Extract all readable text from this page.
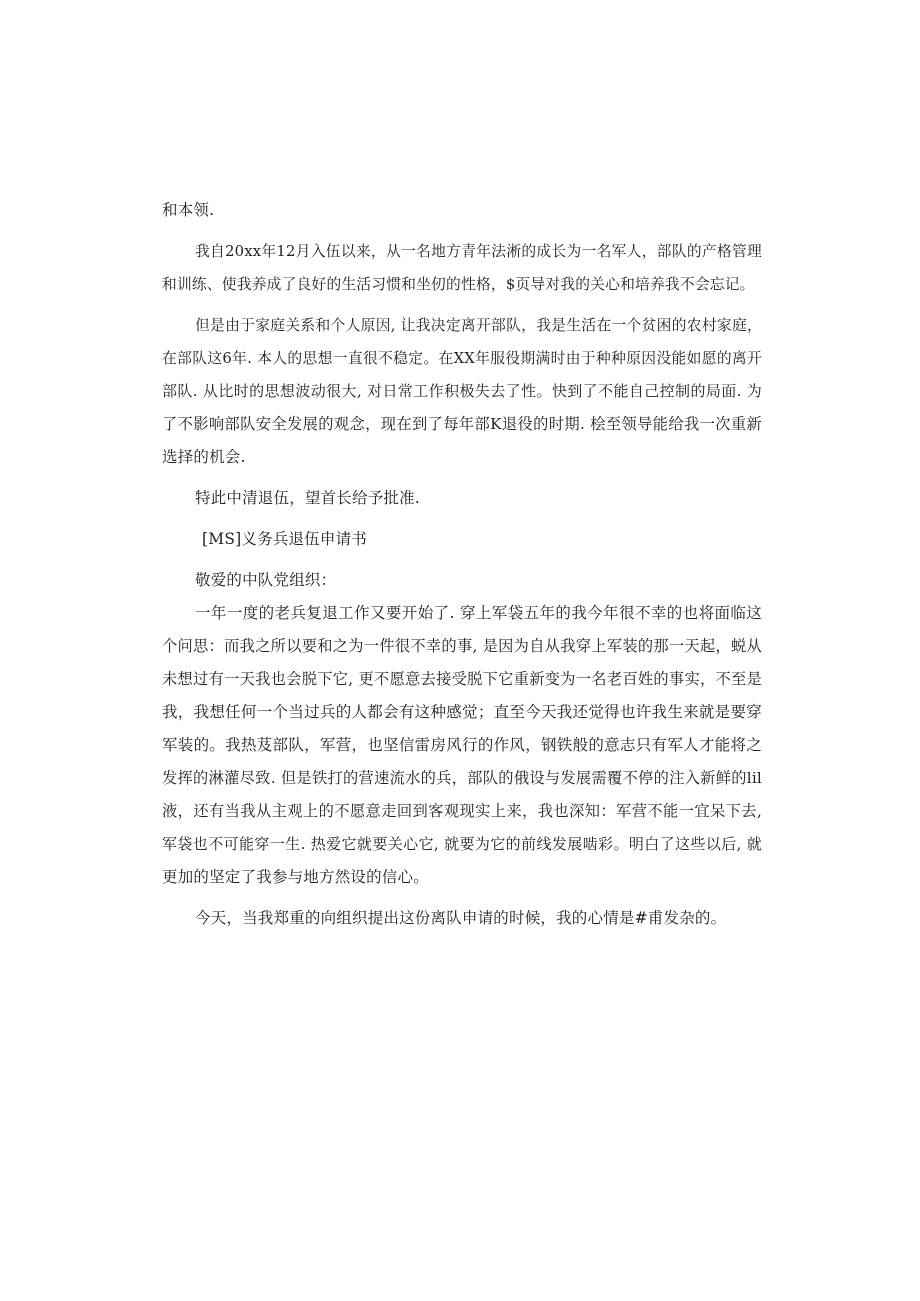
和本领.
我自20xx年12月入伍以来，从一名地方青年法淅的成长为一名军人，部队的产格管理
和训练、使我养成了良好的生活习惯和坐仞的性格，$页导对我的关心和培养我不会忘记。
但是由于家庭关系和个人原因, 让我决定离开部队，我是生活在一个贫困的农村家庭，
在部队这6年. 本人的思想一直很不稳定。在XX年服役期满时由于种种原因没能如愿的离开
部队. 从比时的思想波动很大, 对日常工作积极失去了性。快到了不能自己控制的局面. 为
了不影响部队安全发展的观念，现在到了每年部K退役的时期. 桧至领导能给我一次重新
选择的机会.
特此中清退伍，望首长给予批准.
[MS]义务兵退伍申请书
敬爱的中队党组织：
一年一度的老兵复退工作又要开始了. 穿上军袋五年的我今年很不幸的也将面临这
个问思：而我之所以要和之为一件很不幸的事, 是因为自从我穿上军装的那一天起，蜕从
未想过有一天我也会脱下它, 更不愿意去接受脱下它重新变为一名老百姓的事实，不至是
我，我想任何一个当过兵的人都会有这种感觉；直至今天我还觉得也许我生来就是要穿
军装的。我热芨部队，军营，也坚信雷房风行的作风，钢铁般的意志只有军人才能将之
发挥的淋灌尽致. 但是铁打的营速流水的兵，部队的俄设与发展需覆不停的注入新鲜的lil
液，还有当我从主观上的不愿意走回到客观现实上来，我也深知：军营不能一宜呆下去,
军袋也不可能穿一生. 热爱它就要关心它, 就要为它的前线发展啮彩。明白了这些以后, 就
更加的坚定了我参与地方然设的信心。
今天，当我郑重的向组织提出这份离队申请的时候，我的心情是#甫发杂的。
